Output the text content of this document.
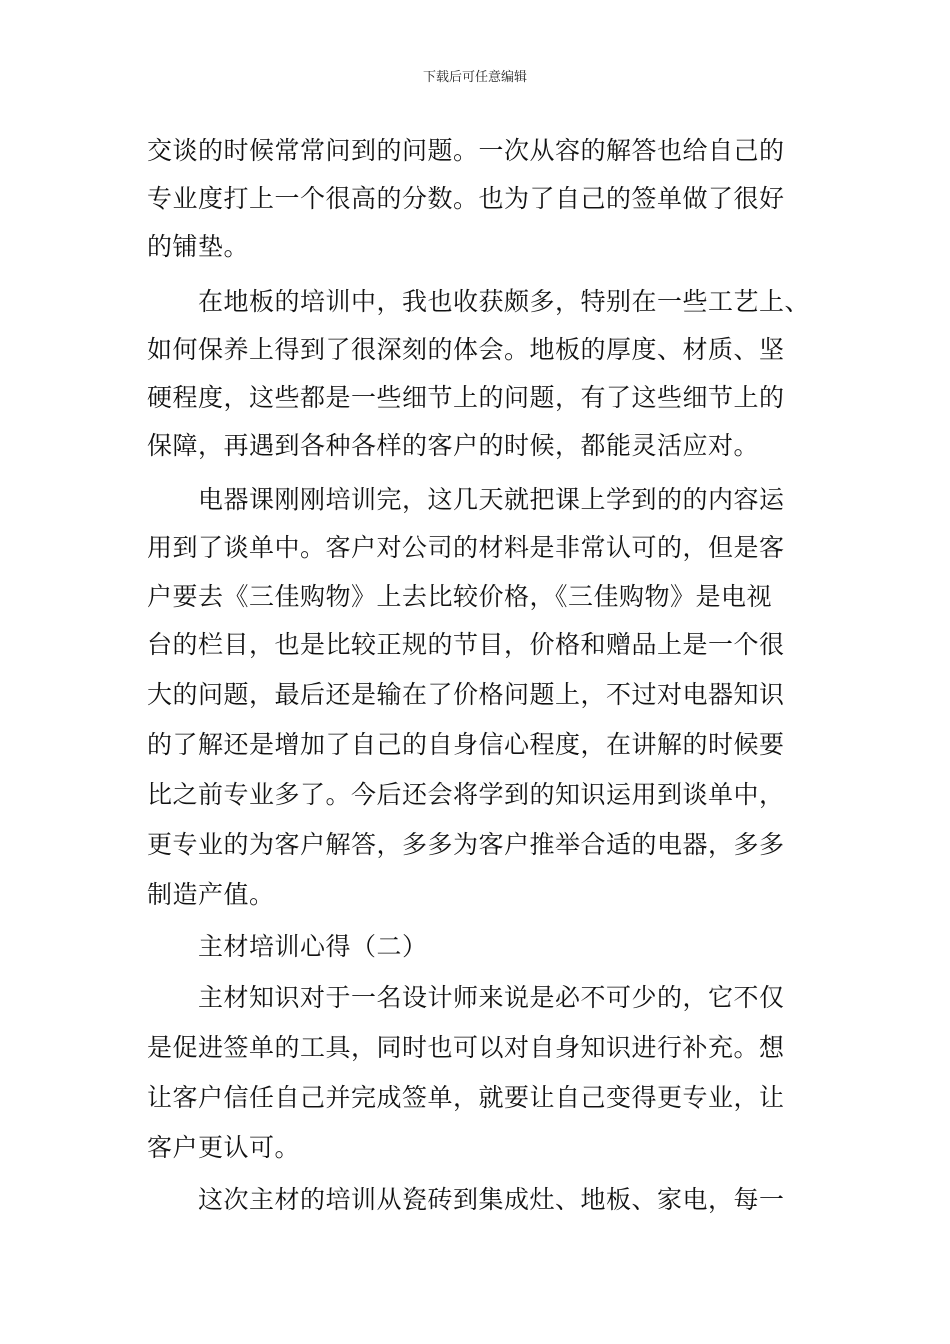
下载后可任意编辑
交谈的时候常常问到的问题。一次从容的解答也给自己的
专业度打上一个很高的分数。也为了自己的签单做了很好
的铺垫。
　　在地板的培训中，我也收获颇多，特别在一些工艺上、
如何保养上得到了很深刻的体会。地板的厚度、材质、坚
硬程度，这些都是一些细节上的问题，有了这些细节上的
保障，再遇到各种各样的客户的时候，都能灵活应对。
　　电器课刚刚培训完，这几天就把课上学到的的内容运
用到了谈单中。客户对公司的材料是非常认可的，但是客
户要去《三佳购物》上去比较价格，《三佳购物》是电视
台的栏目，也是比较正规的节目，价格和赠品上是一个很
大的问题，最后还是输在了价格问题上，不过对电器知识
的了解还是增加了自己的自身信心程度，在讲解的时候要
比之前专业多了。今后还会将学到的知识运用到谈单中，
更专业的为客户解答，多多为客户推举合适的电器，多多
制造产值。
　　主材培训心得（二）
　　主材知识对于一名设计师来说是必不可少的，它不仅
是促进签单的工具，同时也可以对自身知识进行补充。想
让客户信任自己并完成签单，就要让自己变得更专业，让
客户更认可。
　　这次主材的培训从瓷砖到集成灶、地板、家电，每一
